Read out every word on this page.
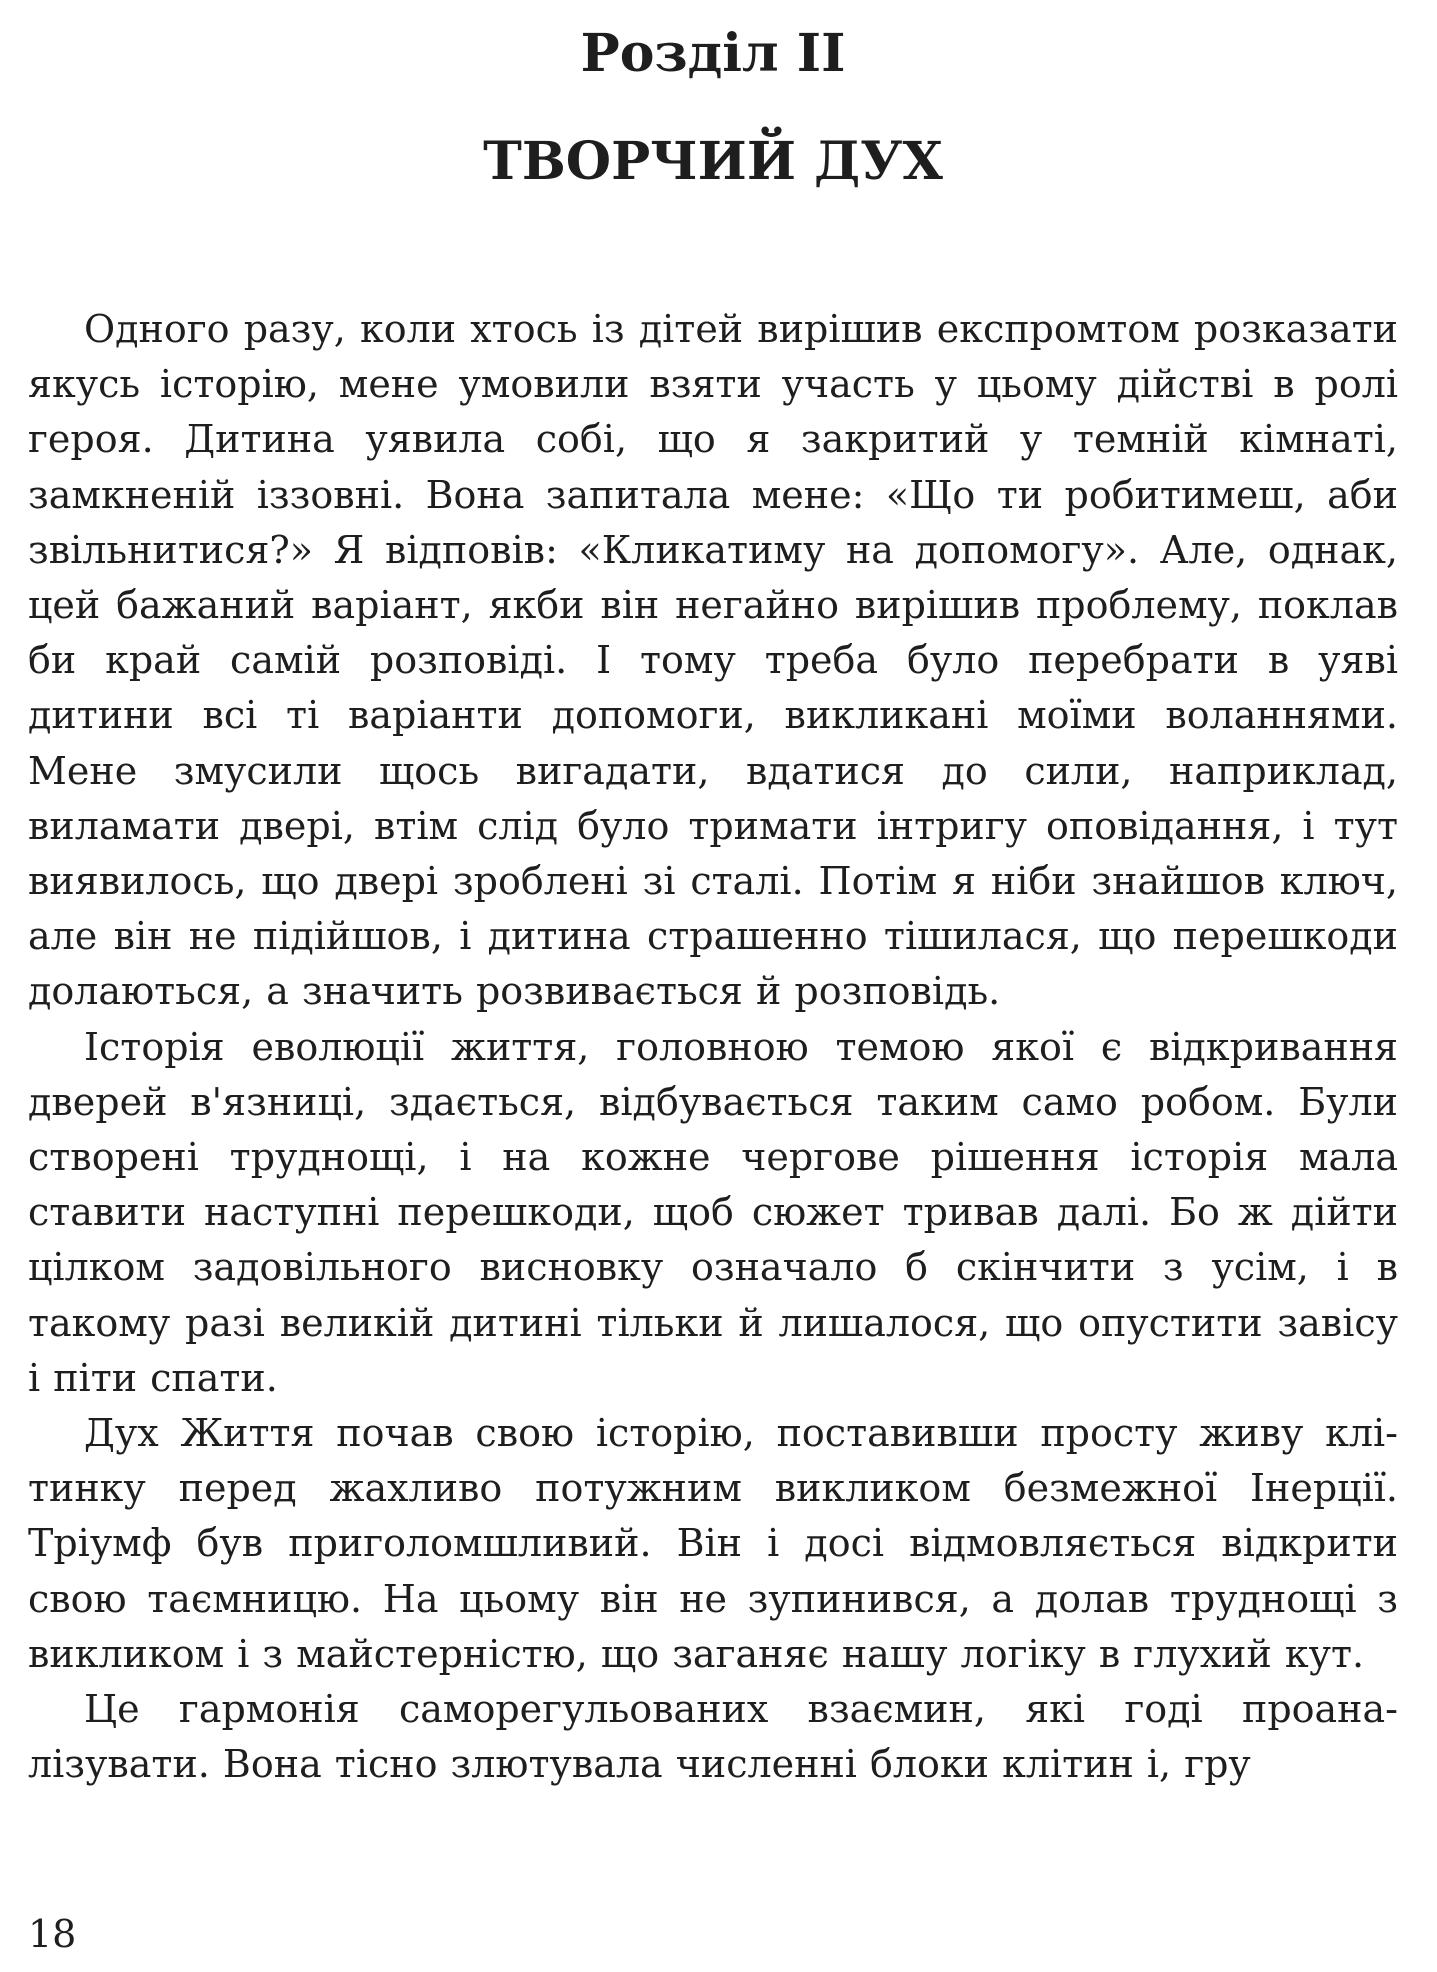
Розділ ІІ
ТВОРЧИЙ ДУХ

Одного разу, коли хтось із дітей вирішив експромтом розказати якусь історію, мене умовили взяти участь у цьому дійстві в ролі героя. Дитина уявила собі, що я закритий у темній кімнаті, замкненій іззовні. Вона запитала мене: «Що ти робитимеш, аби звільнитися?» Я відповів: «Кликатиму на допомогу». Але, однак, цей бажаний варіант, якби він негайно вирішив проблему, поклав би край самій розповіді. І тому треба було перебрати в уяві дитини всі ті варіанти допомоги, викликані моїми воланнями. Мене змусили щось вигадати, вдатися до сили, наприклад, виламати двері, втім слід було тримати інтригу оповідання, і тут виявилось, що двері зроблені зі сталі. Потім я ніби знайшов ключ, але він не підійшов, і дитина страшенно тішилася, що перешкоди долаються, а значить розвивається й розповідь.

Історія еволюції життя, головною темою якої є відкривання дверей в'язниці, здається, відбувається таким само робом. Були створені труднощі, і на кожне чергове рішення історія мала ставити наступні перешкоди, щоб сюжет тривав далі. Бо ж дійти цілком задовільного висновку означало б скінчити з усім, і в такому разі великій дитині тільки й лишалося, що опустити завісу і піти спати.

Дух Життя почав свою історію, поставивши просту живу клітинку перед жахливо потужним викликом безмежної Інерції. Тріумф був приголомшливий. Він і досі відмовляється відкрити свою таємницю. На цьому він не зупинився, а долав труднощі з викликом і з майстерністю, що заганяє нашу логіку в глухий кут.

Це гармонія саморегульованих взаємин, які годі проаналізувати. Вона тісно злютувала численні блоки клітин і, гру

18
